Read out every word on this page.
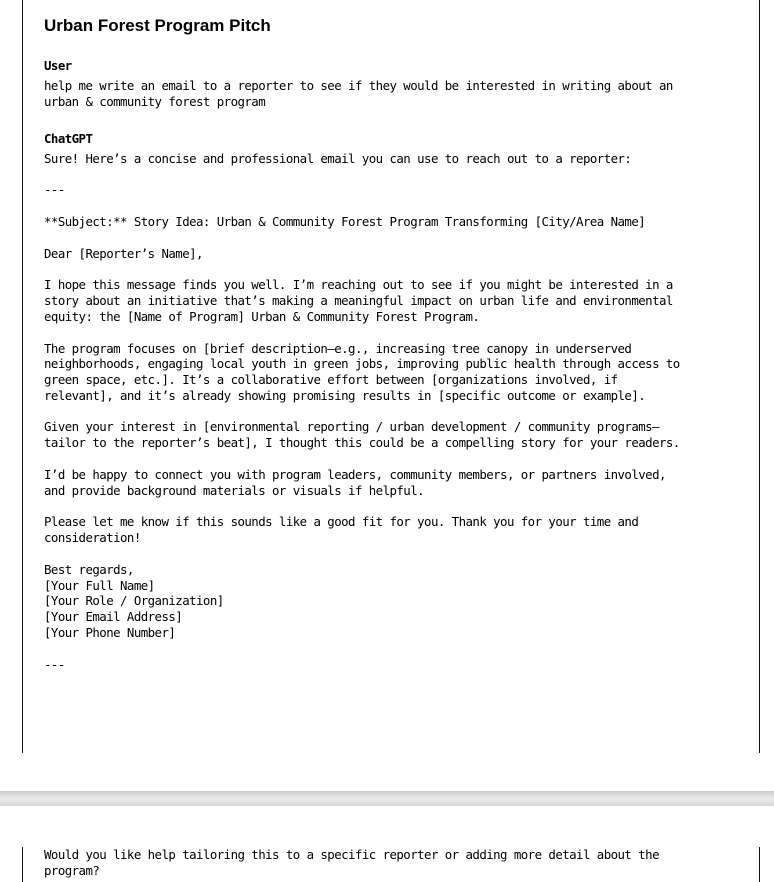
Urban Forest Program Pitch
User
help me write an email to a reporter to see if they would be interested in writing about an
urban & community forest program
ChatGPT
Sure! Here’s a concise and professional email you can use to reach out to a reporter:
---
**Subject:** Story Idea: Urban & Community Forest Program Transforming [City/Area Name]
Dear [Reporter’s Name],
I hope this message finds you well. I’m reaching out to see if you might be interested in a
story about an initiative that’s making a meaningful impact on urban life and environmental
equity: the [Name of Program] Urban & Community Forest Program.
The program focuses on [brief description—e.g., increasing tree canopy in underserved
neighborhoods, engaging local youth in green jobs, improving public health through access to
green space, etc.]. It’s a collaborative effort between [organizations involved, if
relevant], and it’s already showing promising results in [specific outcome or example].
Given your interest in [environmental reporting / urban development / community programs—
tailor to the reporter’s beat], I thought this could be a compelling story for your readers.
I’d be happy to connect you with program leaders, community members, or partners involved,
and provide background materials or visuals if helpful.
Please let me know if this sounds like a good fit for you. Thank you for your time and
consideration!
Best regards,
[Your Full Name]
[Your Role / Organization]
[Your Email Address]
[Your Phone Number]
---
Would you like help tailoring this to a specific reporter or adding more detail about the
program?
